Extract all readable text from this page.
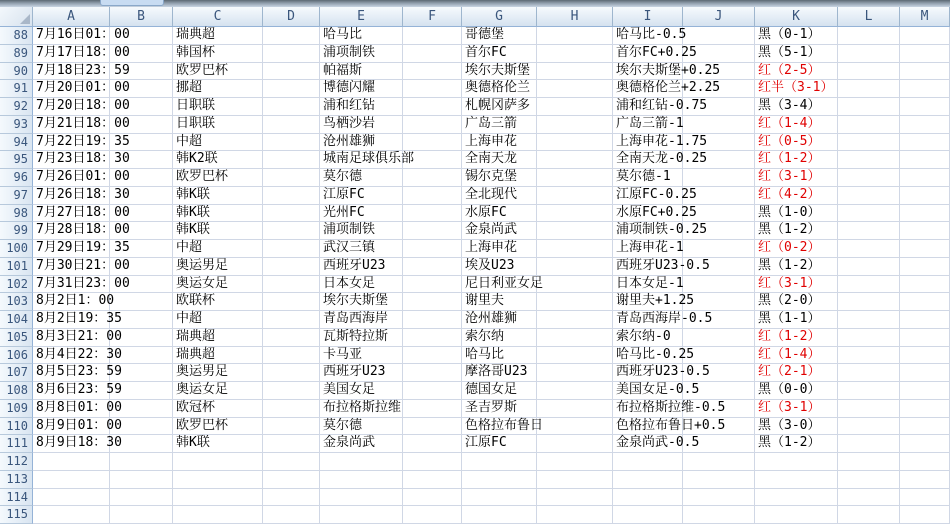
A	B	C	D	E	F	G	H	I	J	K	L	M
88 7月16日01：00	瑞典超	哈马比	哥德堡	哈马比-0.5	黑（0-1）
89 7月17日18：00	韩国杯	浦项制铁	首尔FC	首尔FC+0.25	黑（5-1）
90 7月18日23：59	欧罗巴杯	帕福斯	埃尔夫斯堡	埃尔夫斯堡+0.25	红（2-5）
91 7月20日01：00	挪超	博德闪耀	奥德格伦兰	奥德格伦兰+2.25	红半（3-1）
92 7月20日18：00	日职联	浦和红钻	札幌冈萨多	浦和红钻-0.75	黑（3-4）
93 7月21日18：00	日职联	鸟栖沙岩	广岛三箭	广岛三箭-1	红（1-4）
94 7月22日19：35	中超	沧州雄狮	上海申花	上海申花-1.75	红（0-5）
95 7月23日18：30	韩K2联	城南足球俱乐部	全南天龙	全南天龙-0.25	红（1-2）
96 7月26日01：00	欧罗巴杯	莫尔德	锡尔克堡	莫尔德-1	红（3-1）
97 7月26日18：30	韩K联	江原FC	全北现代	江原FC-0.25	红（4-2）
98 7月27日18：00	韩K联	光州FC	水原FC	水原FC+0.25	黑（1-0）
99 7月28日18：00	韩K联	浦项制铁	金泉尚武	浦项制铁-0.25	黑（1-2）
100 7月29日19：35	中超	武汉三镇	上海申花	上海申花-1	红（0-2）
101 7月30日21：00	奥运男足	西班牙U23	埃及U23	西班牙U23-0.5	黑（1-2）
102 7月31日23：00	奥运女足	日本女足	尼日利亚女足	日本女足-1	红（3-1）
103 8月2日1：00	欧联杯	埃尔夫斯堡	谢里夫	谢里夫+1.25	黑（2-0）
104 8月2日19：35	中超	青岛西海岸	沧州雄狮	青岛西海岸-0.5	黑（1-1）
105 8月3日21：00	瑞典超	瓦斯特拉斯	索尔纳	索尔纳-0	红（1-2）
106 8月4日22：30	瑞典超	卡马亚	哈马比	哈马比-0.25	红（1-4）
107 8月5日23：59	奥运男足	西班牙U23	摩洛哥U23	西班牙U23-0.5	红（2-1）
108 8月6日23：59	奥运女足	美国女足	德国女足	美国女足-0.5	黑（0-0）
109 8月8日01：00	欧冠杯	布拉格斯拉维	圣吉罗斯	布拉格斯拉维-0.5	红（3-1）
110 8月9日01：00	欧罗巴杯	莫尔德	色格拉布鲁日	色格拉布鲁日+0.5	黑（3-0）
111 8月9日18：30	韩K联	金泉尚武	江原FC	金泉尚武-0.5	黑（1-2）
112
113
114
115
